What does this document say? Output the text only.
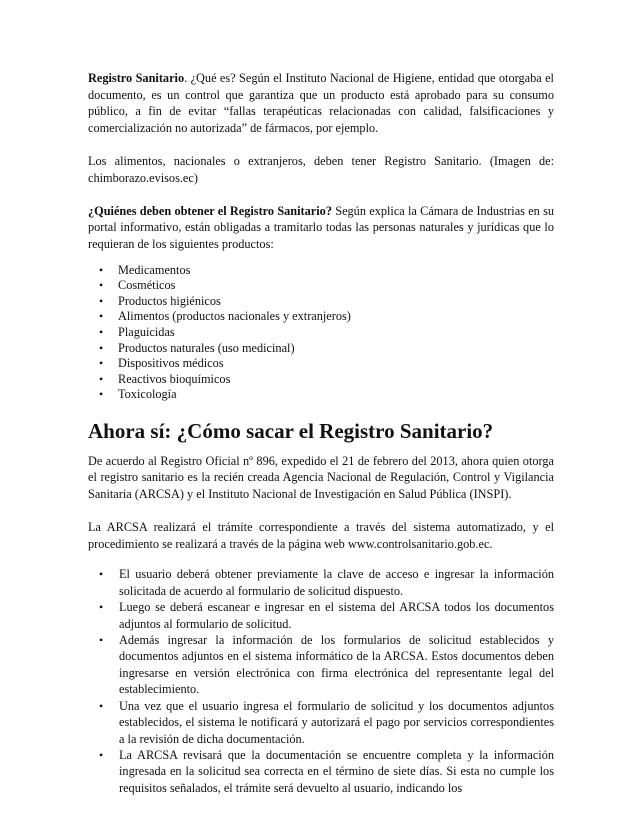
Registro Sanitario. ¿Qué es? Según el Instituto Nacional de Higiene, entidad que otorgaba el documento, es un control que garantiza que un producto está aprobado para su consumo público, a fin de evitar “fallas terapéuticas relacionadas con calidad, falsificaciones y comercialización no autorizada” de fármacos, por ejemplo.

Los alimentos, nacionales o extranjeros, deben tener Registro Sanitario. (Imagen de: chimborazo.evisos.ec)

¿Quiénes deben obtener el Registro Sanitario? Según explica la Cámara de Industrias en su portal informativo, están obligadas a tramitarlo todas las personas naturales y jurídicas que lo requieran de los siguientes productos:

• Medicamentos
• Cosméticos
• Productos higiénicos
• Alimentos (productos nacionales y extranjeros)
• Plaguicidas
• Productos naturales (uso medicinal)
• Dispositivos médicos
• Reactivos bioquímicos
• Toxicología
Ahora sí: ¿Cómo sacar el Registro Sanitario?

De acuerdo al Registro Oficial nº 896, expedido el 21 de febrero del 2013, ahora quien otorga el registro sanitario es la recién creada Agencia Nacional de Regulación, Control y Vigilancia Sanitaria (ARCSA) y el Instituto Nacional de Investigación en Salud Pública (INSPI).

La ARCSA realizará el trámite correspondiente a través del sistema automatizado, y el procedimiento se realizará a través de la página web www.controlsanitario.gob.ec.

• El usuario deberá obtener previamente la clave de acceso e ingresar la información solicitada de acuerdo al formulario de solicitud dispuesto.
• Luego se deberá escanear e ingresar en el sistema del ARCSA todos los documentos adjuntos al formulario de solicitud.
• Además ingresar la información de los formularios de solicitud establecidos y documentos adjuntos en el sistema informático de la ARCSA. Estos documentos deben ingresarse en versión electrónica con firma electrónica del representante legal del establecimiento.
• Una vez que el usuario ingresa el formulario de solicitud y los documentos adjuntos establecidos, el sistema le notificará y autorizará el pago por servicios correspondientes a la revisión de dicha documentación.
• La ARCSA revisará que la documentación se encuentre completa y la información ingresada en la solicitud sea correcta en el término de siete días. Si esta no cumple los requisitos señalados, el trámite será devuelto al usuario, indicando los
